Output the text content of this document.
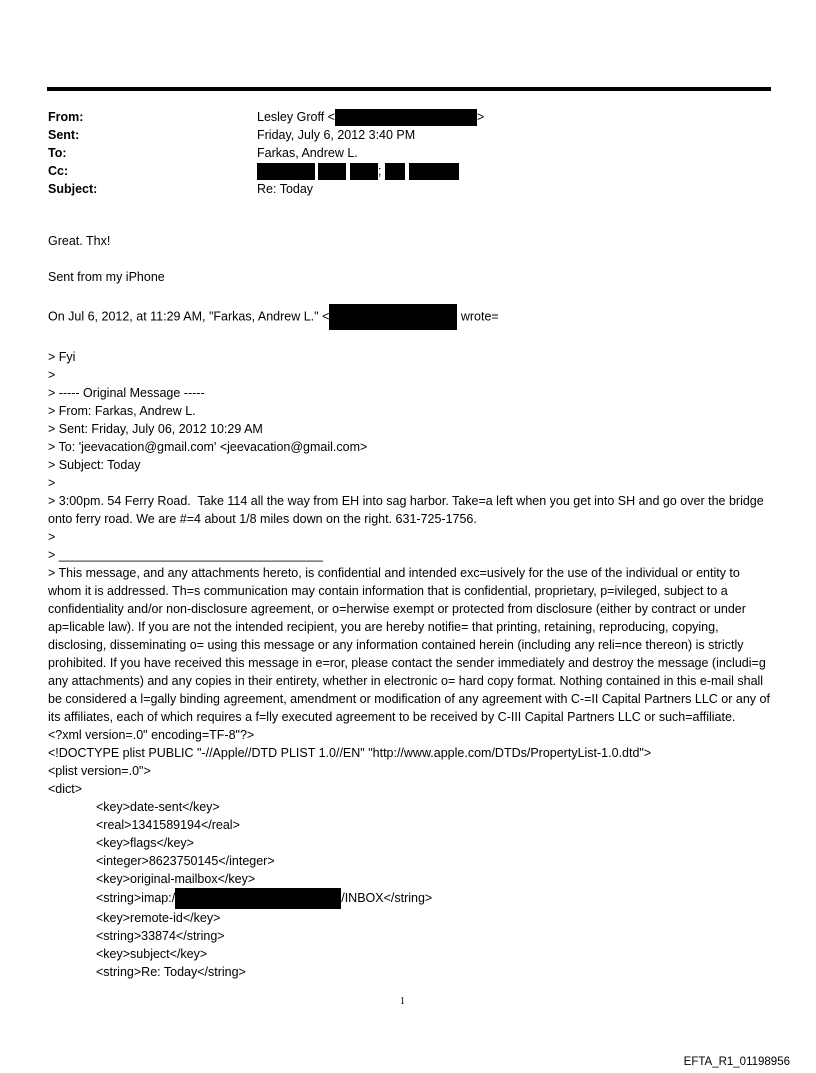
From:	Lesley Groff <	>
Sent:	Friday, July 6, 2012 3:40 PM
To:	Farkas, Andrew L.
Cc:	;
Subject:	Re: Today

Great. Thx!

Sent from my iPhone

On Jul 6, 2012, at 11:29 AM, "Farkas, Andrew L." <	wrote=

> Fyi

>

> ----- Original Message -----

> From: Farkas, Andrew L.

> Sent: Friday, July 06, 2012 10:29 AM

> To: 'jeevacation@gmail.com' <jeevacation@gmail.com>

> Subject: Today

>

> 3:00pm. 54 Ferry Road.  Take 114 all the way from EH into sag harbor. Take=a left when you get into SH and go over the bridge onto ferry road. We are #=4 about 1/8 miles down on the right. 631-725-1756.

>

> ______________________________________

> This message, and any attachments hereto, is confidential and intended exc=usively for the use of the individual or entity to whom it is addressed. Th=s communication may contain information that is confidential, proprietary, p=ivileged, subject to a confidentiality and/or non-disclosure agreement, or o=herwise exempt or protected from disclosure (either by contract or under ap=licable law). If you are not the intended recipient, you are hereby notifie= that printing, retaining, reproducing, copying, disclosing, disseminating o= using this message or any information contained herein (including any reli=nce thereon) is strictly prohibited. If you have received this message in e=ror, please contact the sender immediately and destroy the message (includi=g any attachments) and any copies in their entirety, whether in electronic o= hard copy format. Nothing contained in this e-mail shall be considered a l=gally binding agreement, amendment or modification of any agreement with C-=II Capital Partners LLC or any of its affiliates, each of which requires a f=lly executed agreement to be received by C-III Capital Partners LLC or such=affiliate.

<?xml version=.0" encoding=TF-8"?>

<!DOCTYPE plist PUBLIC "-//Apple//DTD PLIST 1.0//EN" "http://www.apple.com/DTDs/PropertyList-1.0.dtd">

<plist version=.0">

<dict>

<key>date-sent</key>

<real>1341589194</real>

<key>flags</key>

<integer>8623750145</integer>

<key>original-mailbox</key>

<string>imap:/	/INBOX</string>

<key>remote-id</key>

<string>33874</string>

<key>subject</key>

<string>Re: Today</string>

1
EFTA_R1_01198956
